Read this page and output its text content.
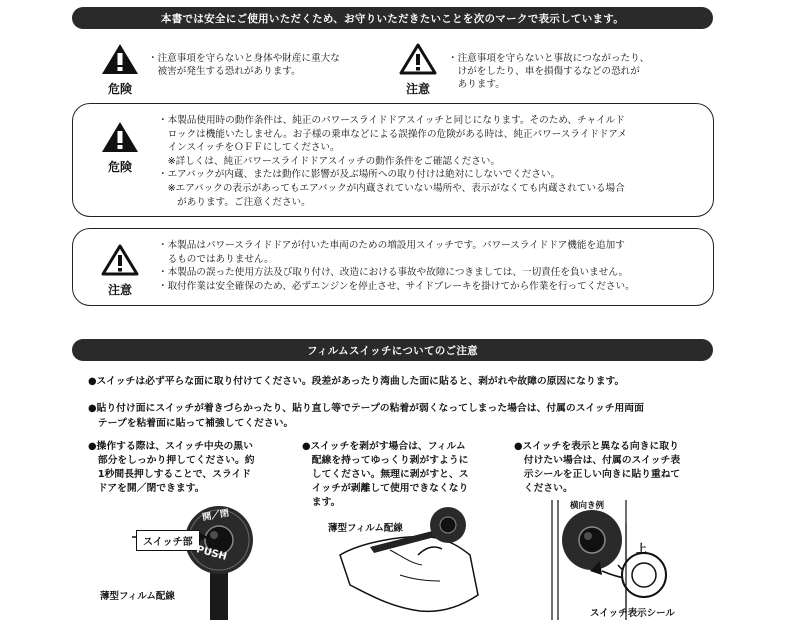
本書では安全にご使用いただくため、お守りいただきたいことを次のマークで表示しています。
危険
・注意事項を守らないと身体や財産に重大な
　被害が発生する恐れがあります。
注意
・注意事項を守らないと事故につながったり、
　けがをしたり、車を損傷するなどの恐れが
　あります。
危険
・本製品使用時の動作条件は、純正のパワースライドドアスイッチと同じになります。そのため、チャイルド
　ロックは機能いたしません。お子様の乗車などによる誤操作の危険がある時は、純正パワースライドドアメ
　インスイッチをＯＦＦにしてください。
　※詳しくは、純正パワースライドドアスイッチの動作条件をご確認ください。
・エアバックが内蔵、または動作に影響が及ぶ場所への取り付けは絶対にしないでください。
　※エアバックの表示があってもエアバックが内蔵されていない場所や、表示がなくても内蔵されている場合
　　があります。ご注意ください。
注意
・本製品はパワースライドドアが付いた車両のための増設用スイッチです。パワースライドドア機能を追加す
　るものではありません。
・本製品の誤った使用方法及び取り付け、改造における事故や故障につきましては、一切責任を負いません。
・取付作業は安全確保のため、必ずエンジンを停止させ、サイドブレーキを掛けてから作業を行ってください。
フィルムスイッチについてのご注意
●スイッチは必ず平らな面に取り付けてください。段差があったり湾曲した面に貼ると、剥がれや故障の原因になります。
●貼り付け面にスイッチが着きづらかったり、貼り直し等でテープの粘着が弱くなってしまった場合は、付属のスイッチ用両面
　テープを粘着面に貼って補強してください。
●操作する際は、スイッチ中央の黒い
　部分をしっかり押してください。約
　1秒間長押しすることで、スライド
　ドアを開／閉できます。
●スイッチを剥がす場合は、フィルム
　配線を持ってゆっくり剥がすように
　してください。無理に剥がすと、ス
　イッチが剥離して使用できなくなり
　ます。
●スイッチを表示と異なる向きに取り
　付けたい場合は、付属のスイッチ表
　示シールを正しい向きに貼り重ねて
　ください。
スイッチ部
開／閉
PUSH
薄型フィルム配線
薄型フィルム配線
横向き例
上
スイッチ表示シール
